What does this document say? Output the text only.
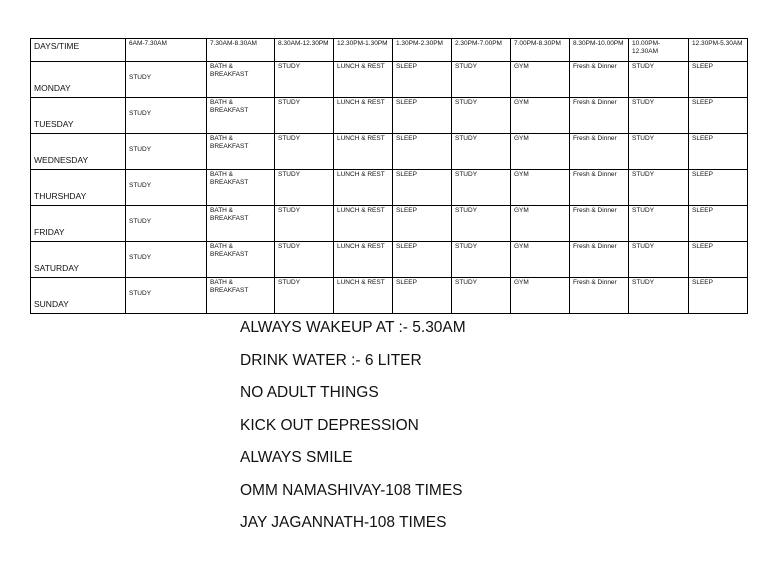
DAYS/TIME	6AM-7.30AM	7.30AM-8.30AM	8.30AM-12.30PM	12.30PM-1.30PM	1.30PM-2.30PM	2.30PM-7.00PM	7.00PM-8.30PM	8.30PM-10.00PM	10.00PM-12.30AM	12.30PM-5.30AM
MONDAY	STUDY	BATH & BREAKFAST	STUDY	LUNCH & REST	SLEEP	STUDY	GYM	Fresh & Dinner	STUDY	SLEEP
TUESDAY	STUDY	BATH & BREAKFAST	STUDY	LUNCH & REST	SLEEP	STUDY	GYM	Fresh & Dinner	STUDY	SLEEP
WEDNESDAY	STUDY	BATH & BREAKFAST	STUDY	LUNCH & REST	SLEEP	STUDY	GYM	Fresh & Dinner	STUDY	SLEEP
THURSHDAY	STUDY	BATH & BREAKFAST	STUDY	LUNCH & REST	SLEEP	STUDY	GYM	Fresh & Dinner	STUDY	SLEEP
FRIDAY	STUDY	BATH & BREAKFAST	STUDY	LUNCH & REST	SLEEP	STUDY	GYM	Fresh & Dinner	STUDY	SLEEP
SATURDAY	STUDY	BATH & BREAKFAST	STUDY	LUNCH & REST	SLEEP	STUDY	GYM	Fresh & Dinner	STUDY	SLEEP
SUNDAY	STUDY	BATH & BREAKFAST	STUDY	LUNCH & REST	SLEEP	STUDY	GYM	Fresh & Dinner	STUDY	SLEEP
ALWAYS WAKEUP AT :- 5.30AM
DRINK WATER :- 6 LITER
NO ADULT THINGS
KICK OUT DEPRESSION
ALWAYS SMILE
OMM NAMASHIVAY-108 TIMES
JAY JAGANNATH-108 TIMES
